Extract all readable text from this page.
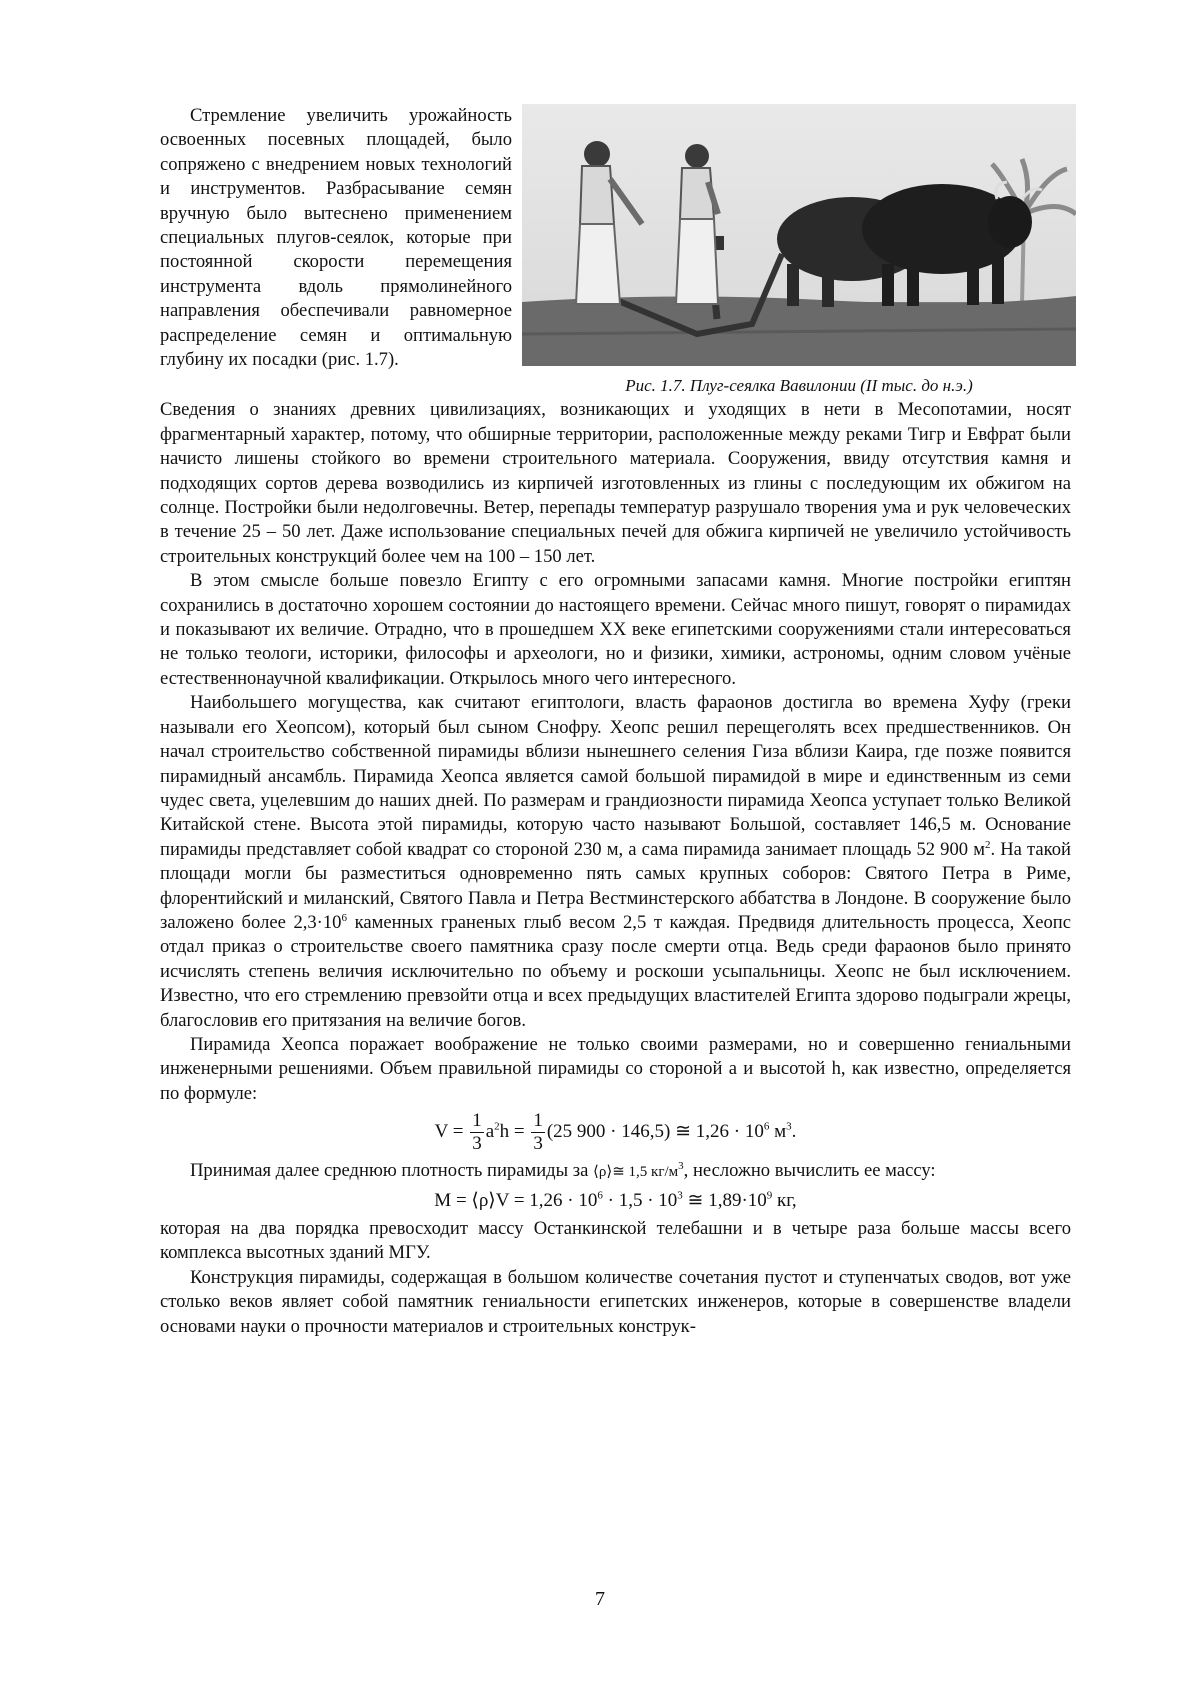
Стремление увеличить урожайность освоенных посевных площадей, было сопряжено с внедрением новых технологий и инструментов. Разбрасывание семян вручную было вытеснено применением специальных плугов-сеялок, которые при постоянной скорости перемещения инструмента вдоль прямолинейного направления обеспечивали равномерное распределение семян и оптимальную глубину их посадки (рис. 1.7).

Рис. 1.7. Плуг-сеялка Вавилонии (II тыс. до н.э.)

Сведения о знаниях древних цивилизациях, возникающих и уходящих в нети в Месопотамии, носят фрагментарный характер, потому, что обширные территории, расположенные между реками Тигр и Евфрат были начисто лишены стойкого во времени строительного материала. Сооружения, ввиду отсутствия камня и подходящих сортов дерева возводились из кирпичей изготовленных из глины с последующим их обжигом на солнце. Постройки были недолговечны. Ветер, перепады температур разрушало творения ума и рук человеческих в течение 25 – 50 лет. Даже использование специальных печей для обжига кирпичей не увеличило устойчивость строительных конструкций более чем на 100 – 150 лет.

В этом смысле больше повезло Египту с его огромными запасами камня. Многие постройки египтян сохранились в достаточно хорошем состоянии до настоящего времени. Сейчас много пишут, говорят о пирамидах и показывают их величие. Отрадно, что в прошедшем XX веке египетскими сооружениями стали интересоваться не только теологи, историки, философы и археологи, но и физики, химики, астрономы, одним словом учёные естественнонаучной квалификации. Открылось много чего интересного.

Наибольшего могущества, как считают египтологи, власть фараонов достигла во времена Хуфу (греки называли его Хеопсом), который был сыном Снофру. Хеопс решил перещеголять всех предшественников. Он начал строительство собственной пирамиды вблизи нынешнего селения Гиза вблизи Каира, где позже появится пирамидный ансамбль. Пирамида Хеопса является самой большой пирамидой в мире и единственным из семи чудес света, уцелевшим до наших дней. По размерам и грандиозности пирамида Хеопса уступает только Великой Китайской стене. Высота этой пирамиды, которую часто называют Большой, составляет 146,5 м. Основание пирамиды представляет собой квадрат со стороной 230 м, а сама пирамида занимает площадь 52 900 $м^2$. На такой площади могли бы разместиться одновременно пять самых крупных соборов: Святого Петра в Риме, флорентийский и миланский, Святого Павла и Петра Вестминстерского аббатства в Лондоне. В сооружение было заложено более $2,3\cdot 10^6$ каменных граненых глыб весом 2,5 т каждая. Предвидя длительность процесса, Хеопс отдал приказ о строительстве своего памятника сразу после смерти отца. Ведь среди фараонов было принято исчислять степень величия исключительно по объему и роскоши усыпальницы. Хеопс не был исключением. Известно, что его стремлению превзойти отца и всех предыдущих властителей Египта здорово подыграли жрецы, благословив его притязания на величие богов.

Пирамида Хеопса поражает воображение не только своими размерами, но и совершенно гениальными инженерными решениями. Объем правильной пирамиды со стороной a и высотой h, как известно, определяется по формуле:

$V = \frac{1}{3} a^2h = \frac{1}{3} (25$ 900 · 146,5) ≅ $1,26 \cdot 10^6$ $м^3$.

Принимая далее среднюю плотность пирамиды за ⟨ρ⟩≅ 1,5 $кг/м^3$, несложно вычислить ее массу:

M = ⟨ρ⟩V = $1,26 \cdot 10^6 \cdot 1,5 \cdot 10^3$ ≅ $1,89\cdot 10^9$ кг,

которая на два порядка превосходит массу Останкинской телебашни и в четыре раза больше массы всего комплекса высотных зданий МГУ.

Конструкция пирамиды, содержащая в большом количестве сочетания пустот и ступенчатых сводов, вот уже столько веков являет собой памятник гениальности египетских инженеров, которые в совершенстве владели основами науки о прочности материалов и строительных конструк-

7
